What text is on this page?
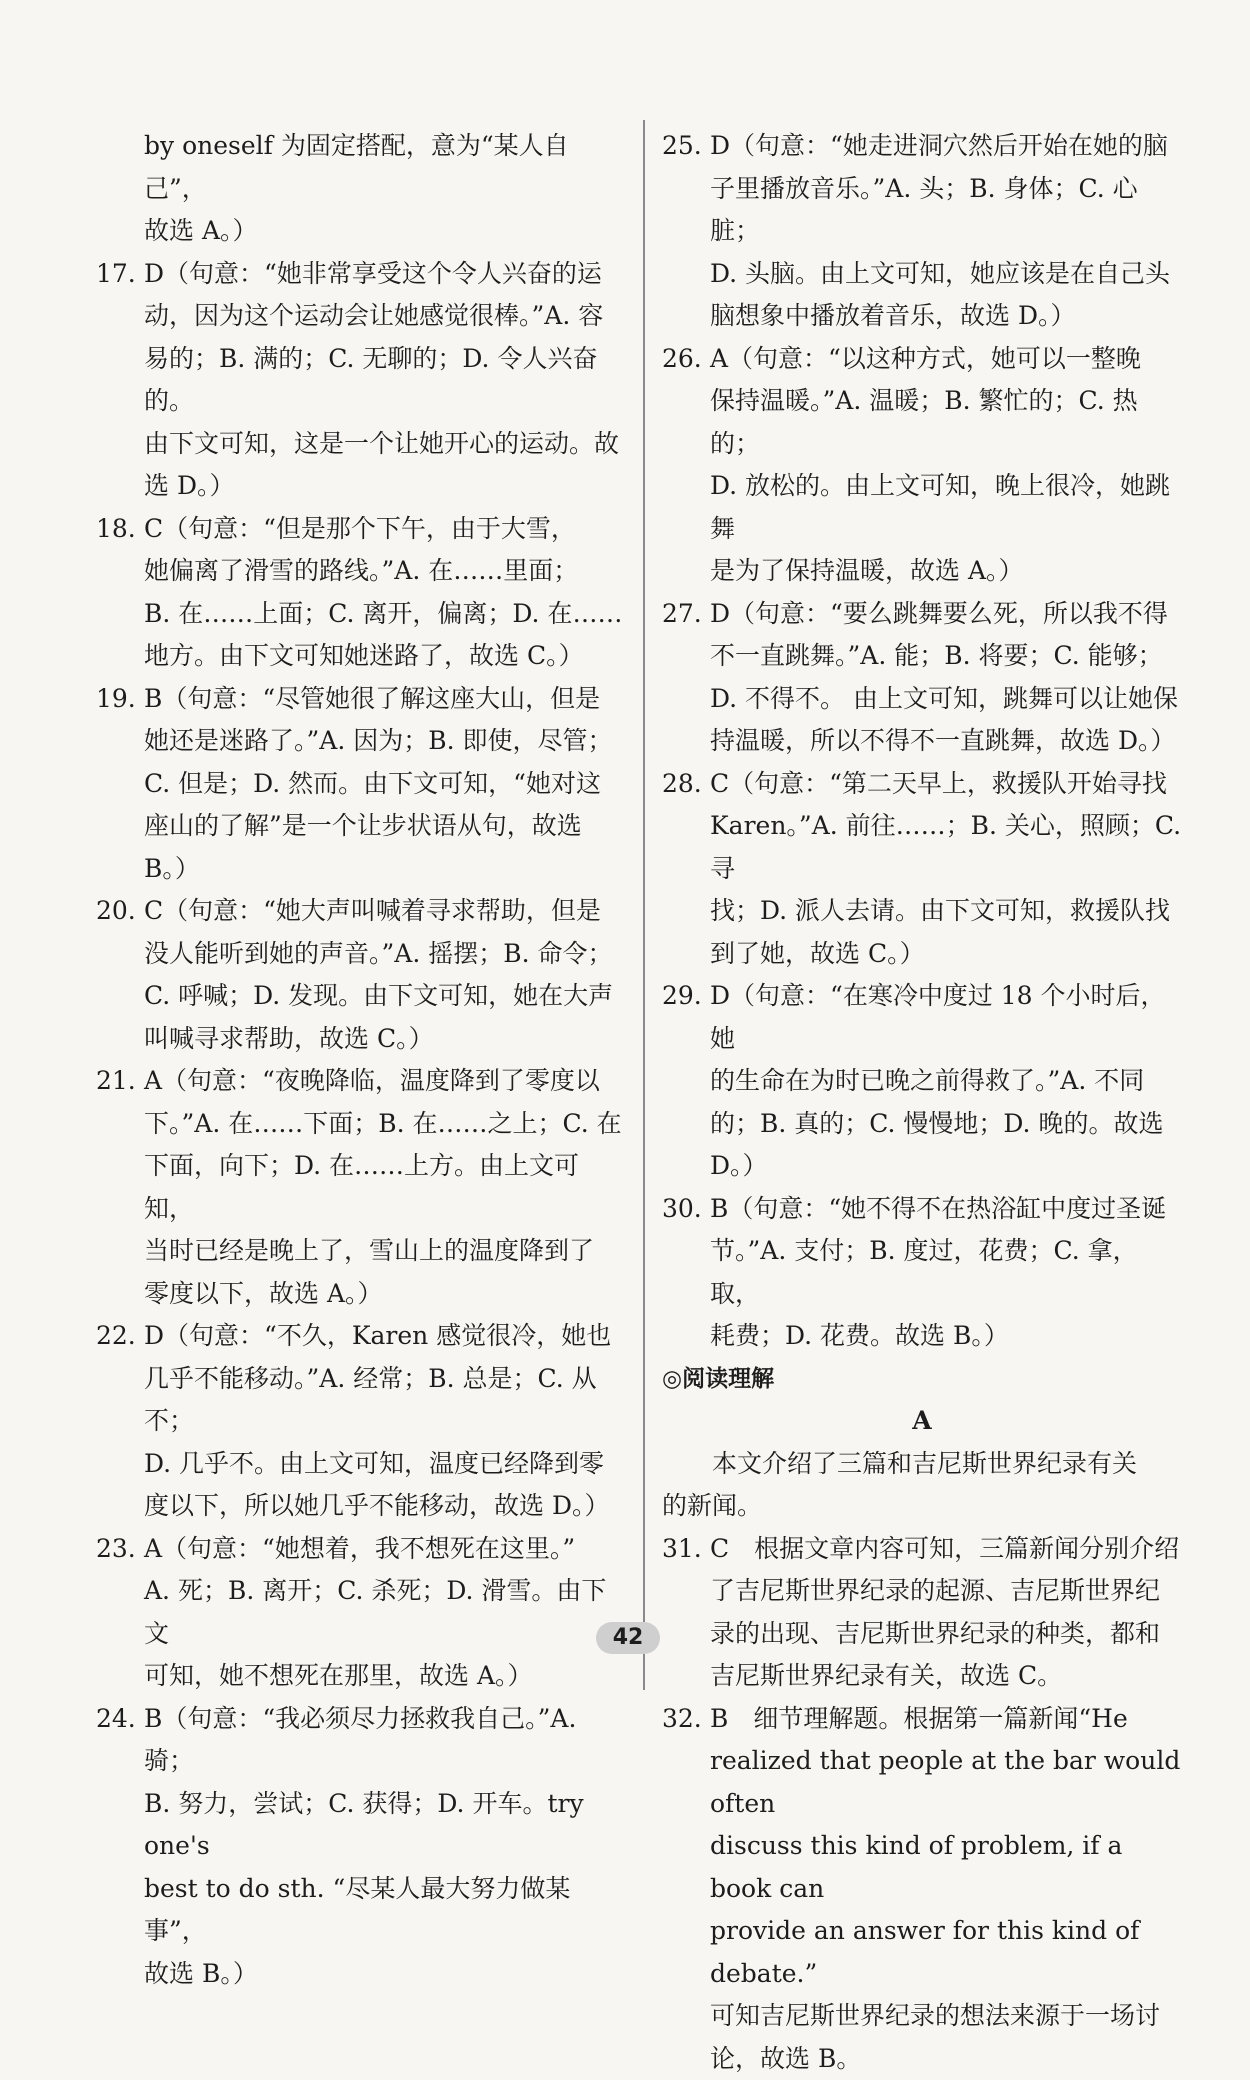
by oneself 为固定搭配，意为“某人自己”，

故选 A。）

17. D（句意：“她非常享受这个令人兴奋的运

动，因为这个运动会让她感觉很棒。”A. 容

易的；B. 满的；C. 无聊的；D. 令人兴奋的。

由下文可知，这是一个让她开心的运动。故

选 D。）

18. C（句意：“但是那个下午，由于大雪，

她偏离了滑雪的路线。”A. 在……里面；

B. 在……上面；C. 离开，偏离；D. 在……

地方。由下文可知她迷路了，故选 C。）

19. B（句意：“尽管她很了解这座大山，但是

她还是迷路了。”A. 因为；B. 即使，尽管；

C. 但是；D. 然而。由下文可知，“她对这

座山的了解”是一个让步状语从句，故选

B。）

20. C（句意：“她大声叫喊着寻求帮助，但是

没人能听到她的声音。”A. 摇摆；B. 命令；

C. 呼喊；D. 发现。由下文可知，她在大声

叫喊寻求帮助，故选 C。）

21. A（句意：“夜晚降临，温度降到了零度以

下。”A. 在……下面；B. 在……之上；C. 在

下面，向下；D. 在……上方。由上文可知，

当时已经是晚上了，雪山上的温度降到了

零度以下，故选 A。）

22. D（句意：“不久，Karen 感觉很冷，她也

几乎不能移动。”A. 经常；B. 总是；C. 从不；

D. 几乎不。由上文可知，温度已经降到零

度以下，所以她几乎不能移动，故选 D。）

23. A（句意：“她想着，我不想死在这里。”

A. 死；B. 离开；C. 杀死；D. 滑雪。由下文

可知，她不想死在那里，故选 A。）

24. B（句意：“我必须尽力拯救我自己。”A. 骑；

B. 努力，尝试；C. 获得；D. 开车。try one's

best to do sth. “尽某人最大努力做某事”，

故选 B。）

25. D（句意：“她走进洞穴然后开始在她的脑

子里播放音乐。”A. 头；B. 身体；C. 心脏；

D. 头脑。由上文可知，她应该是在自己头

脑想象中播放着音乐，故选 D。）

26. A（句意：“以这种方式，她可以一整晚

保持温暖。”A. 温暖；B. 繁忙的；C. 热的；

D. 放松的。由上文可知，晚上很冷，她跳舞

是为了保持温暖，故选 A。）

27. D（句意：“要么跳舞要么死，所以我不得

不一直跳舞。”A. 能；B. 将要；C. 能够；

D. 不得不。 由上文可知，跳舞可以让她保

持温暖，所以不得不一直跳舞，故选 D。）

28. C（句意：“第二天早上，救援队开始寻找

Karen。”A. 前往……；B. 关心，照顾；C. 寻

找；D. 派人去请。由下文可知，救援队找

到了她，故选 C。）

29. D（句意：“在寒冷中度过 18 个小时后，她

的生命在为时已晚之前得救了。”A. 不同

的；B. 真的；C. 慢慢地；D. 晚的。故选 D。）

30. B（句意：“她不得不在热浴缸中度过圣诞

节。”A. 支付；B. 度过，花费；C. 拿，取，

耗费；D. 花费。故选 B。）

◎阅读理解

A

本文介绍了三篇和吉尼斯世界纪录有关

的新闻。

31. C　根据文章内容可知，三篇新闻分别介绍

了吉尼斯世界纪录的起源、吉尼斯世界纪

录的出现、吉尼斯世界纪录的种类，都和

吉尼斯世界纪录有关，故选 C。

32. B　细节理解题。根据第一篇新闻“He

realized that people at the bar would often

discuss this kind of problem, if a book can

provide an answer for this kind of debate.”

可知吉尼斯世界纪录的想法来源于一场讨

论，故选 B。

42
